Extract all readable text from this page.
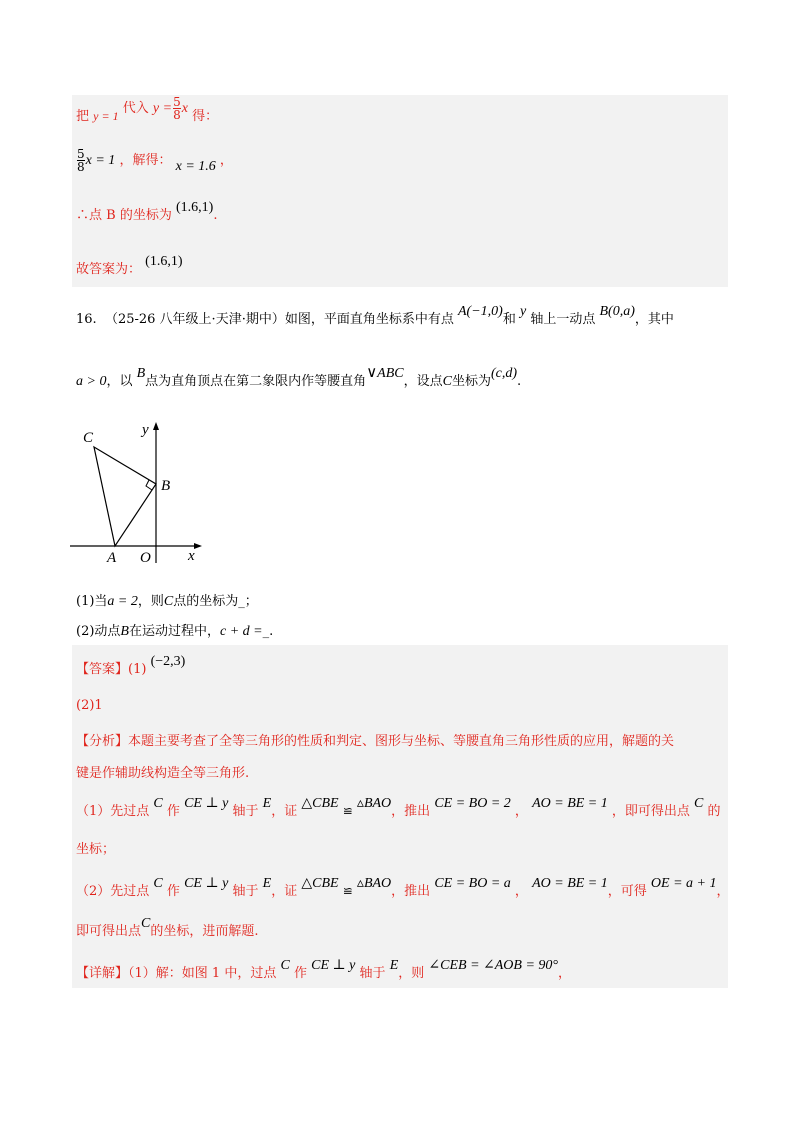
把 y = 1 代入 $y = \frac{5}{8}$ x 得：
$\frac{5}{8}$ x = 1 ，解得： x = 1.6 ，
∴点 B 的坐标为 (1.6,1).
故答案为： (1.6,1)
16. （25-26 八年级上·天津·期中）如图，平面直角坐标系中有点 A(−1,0)和 y 轴上一动点 B(0,a)，其中
a > 0，以 B点为直角顶点在第二象限内作等腰直角∨ABC，设点C坐标为(c,d).
C	y
B
A O x
(1)当a = 2，则C点的坐标为_；
(2)动点B在运动过程中，c + d =_.
【答案】(1) (−2,3)
(2)1
【分析】本题主要考查了全等三角形的性质和判定、图形与坐标、等腰直角三角形性质的应用，解题的关
键是作辅助线构造全等三角形.
（1）先过点 C 作 CE ⊥ y 轴于 E，证 △CBE ≌ ▵BAO，推出 CE = BO = 2 ， AO = BE = 1 ，即可得出点 C 的
坐标；
（2）先过点 C 作 CE ⊥ y 轴于 E，证 △CBE ≌ ▵BAO，推出 CE = BO = a ， AO = BE = 1，可得 OE = a + 1，
即可得出点C的坐标，进而解题.
【详解】（1）解：如图 1 中，过点 C 作 CE ⊥ y 轴于 E，则 ∠CEB = ∠AOB = 90°，
